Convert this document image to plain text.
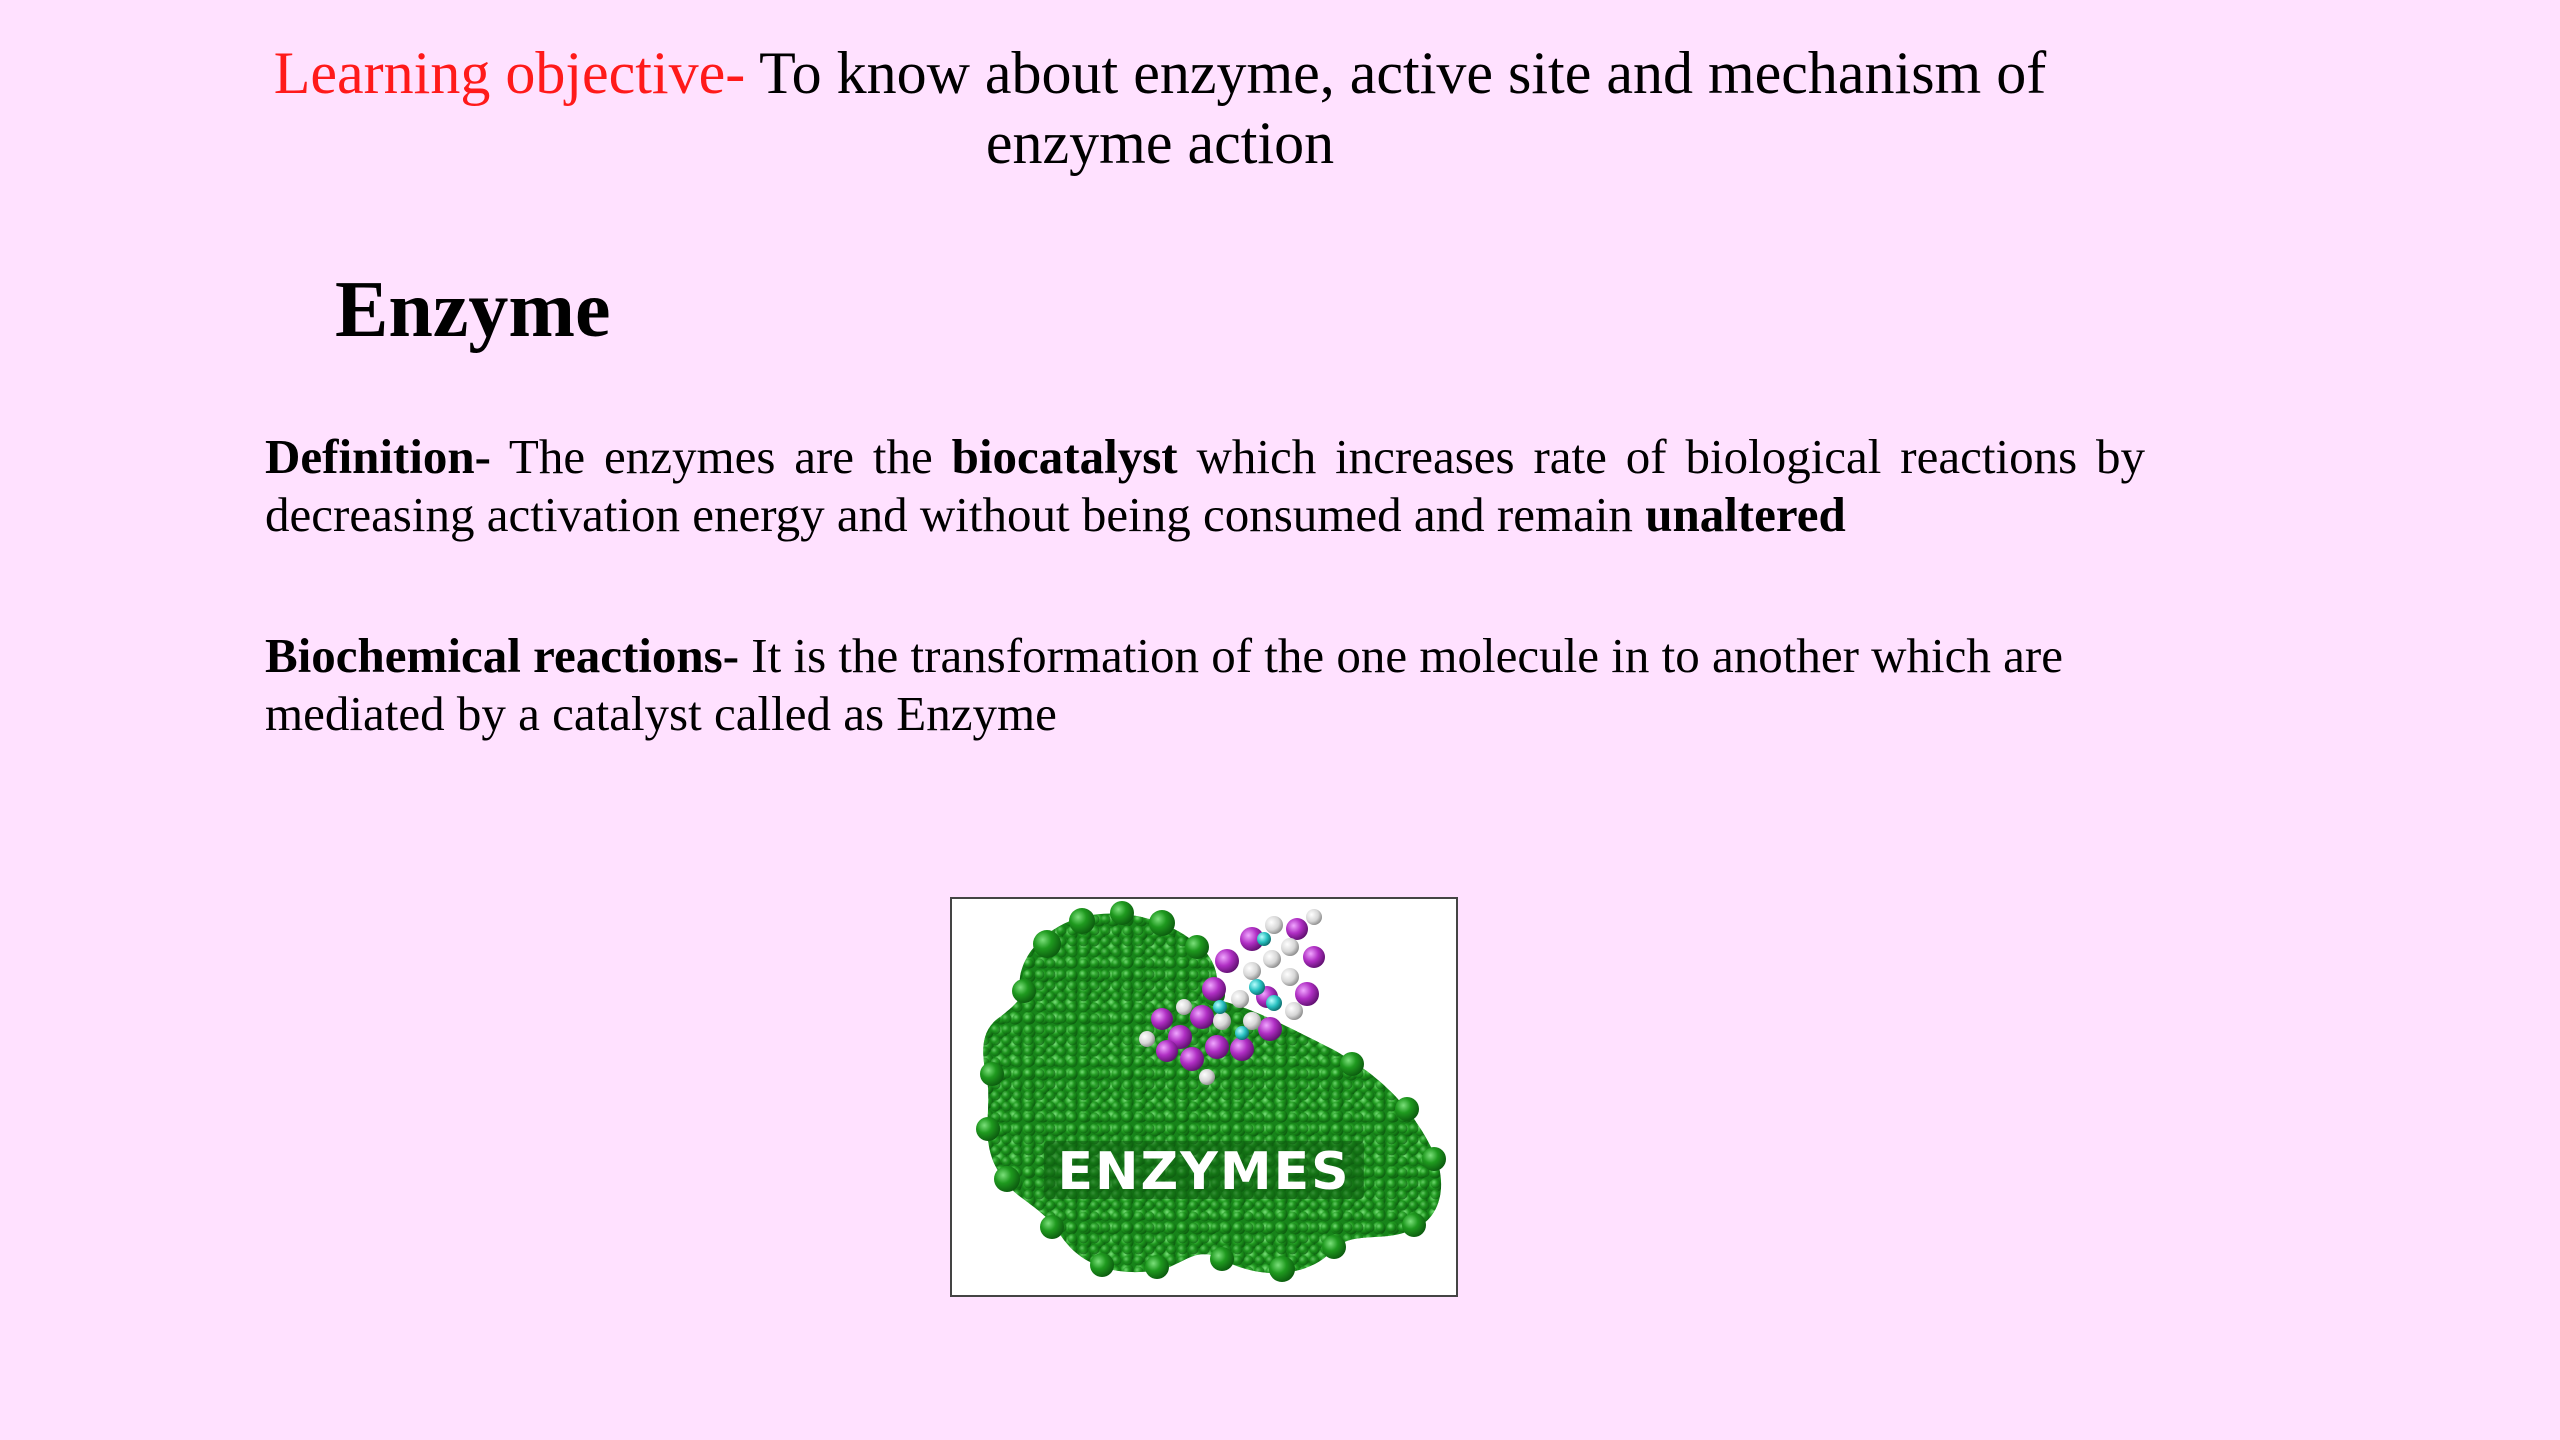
Learning objective- To know about enzyme, active site and mechanism of enzyme action
Enzyme

Definition- The enzymes are the biocatalyst which increases rate of biological reactions by decreasing activation energy and without being consumed and remain unaltered

Biochemical reactions- It is the transformation of the one molecule in to another which are mediated by a catalyst called as Enzyme

ENZYMES
